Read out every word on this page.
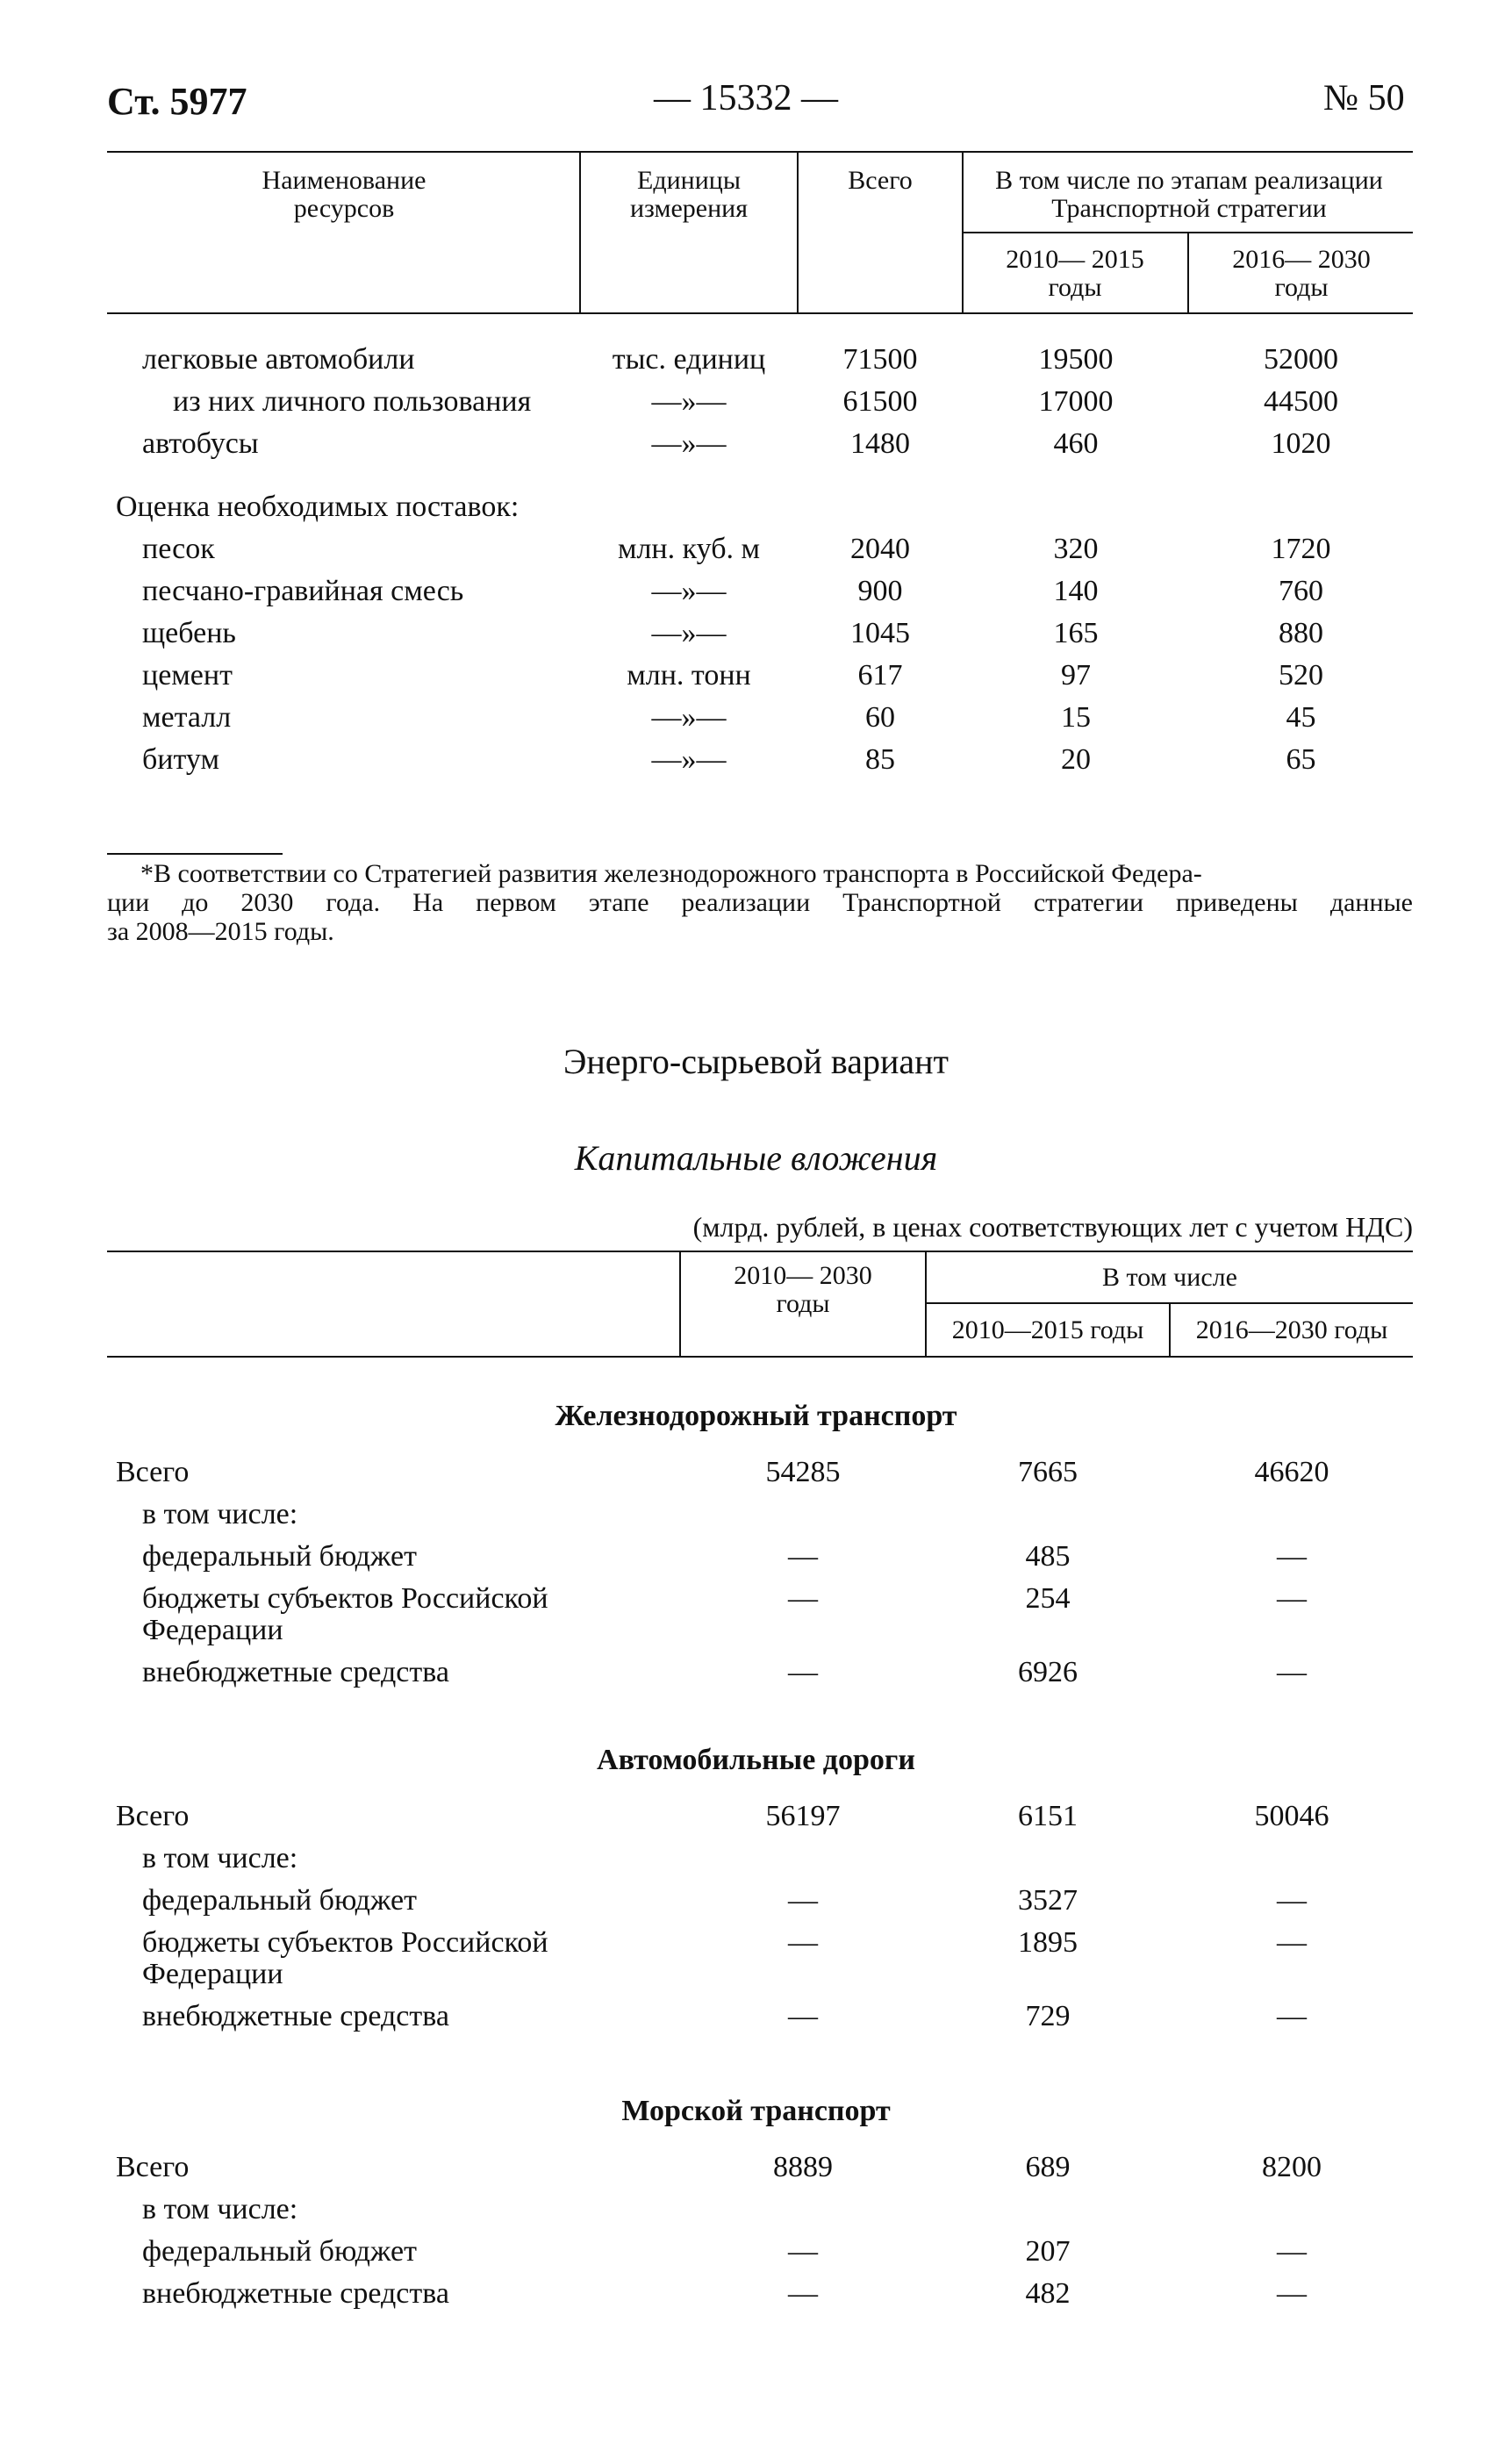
Ст. 5977	— 15332 —	№ 50
Наименование ресурсов
Единицы измерения
Всего	В том числе по этапам реализации Транспортной стратегии
2010— 2015 годы
2016— 2030 годы
легковые автомобили	тыс. единиц	71500	19500	52000
из них личного пользования	—»—	61500	17000	44500
автобусы	—»—	1480	460	1020
Оценка необходимых поставок:
песок	млн. куб. м	2040	320	1720
песчано-гравийная смесь	—»—	900	140	760
щебень	—»—	1045	165	880
цемент	млн. тонн	617	97	520
металл	—»—	60	15	45
битум	—»—	85	20	65
*В соответствии со Стратегией развития железнодорожного транспорта в Российской Федера-
ции до 2030 года. На первом этапе реализации Транспортной стратегии приведены данные
за 2008—2015 годы.
Энерго-сырьевой вариант
Капитальные вложения
(млрд. рублей, в ценах соответствующих лет с учетом НДС)
2010— 2030 годы
В том числе
2010—2015 годы	2016—2030 годы
Железнодорожный транспорт
Всего	54285	7665	46620
в том числе:
федеральный бюджет	—	485	—
бюджеты субъектов Российской Федерации
—	254	—
внебюджетные средства	—	6926	—
Автомобильные дороги
Всего	56197	6151	50046
в том числе:
федеральный бюджет	—	3527	—
бюджеты субъектов Российской Федерации
—	1895	—
внебюджетные средства	—	729	—
Морской транспорт
Всего	8889	689	8200
в том числе:
федеральный бюджет	—	207	—
внебюджетные средства	—	482	—
